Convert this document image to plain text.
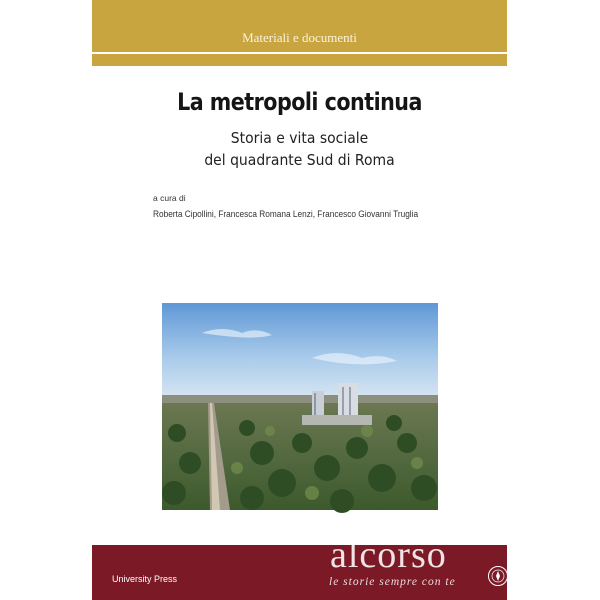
Materiali e documenti
La metropoli continua
Storia e vita sociale
del quadrante Sud di Roma
a cura di
Roberta Cipollini, Francesca Romana Lenzi, Francesco Giovanni Truglia
University Press	SAPIENZA
UNIVERSITÀ EDITRICE
alcorso
le storie sempre con te
